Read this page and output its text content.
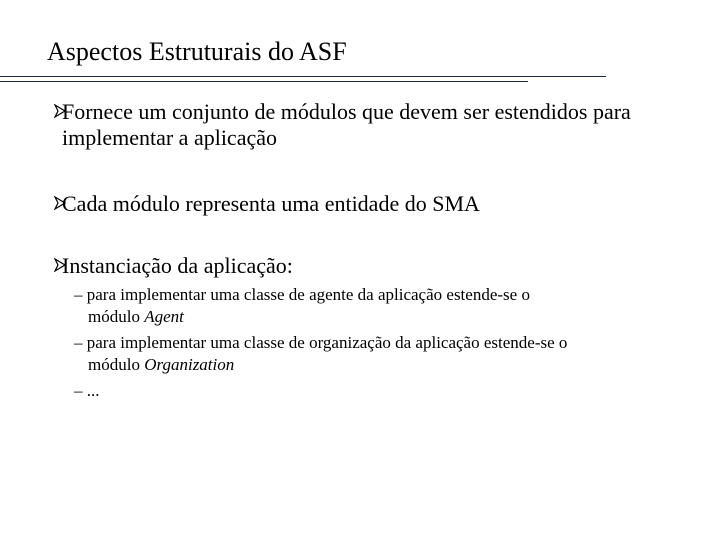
Aspectos Estruturais do ASF
Fornece um conjunto de módulos que devem ser estendidos para implementar a aplicação
Cada módulo representa uma entidade do SMA
Instanciação da aplicação:
– para implementar uma classe de agente da aplicação estende-se o
módulo Agent
– para implementar uma classe de organização da aplicação estende-se o
módulo Organization
– ...
